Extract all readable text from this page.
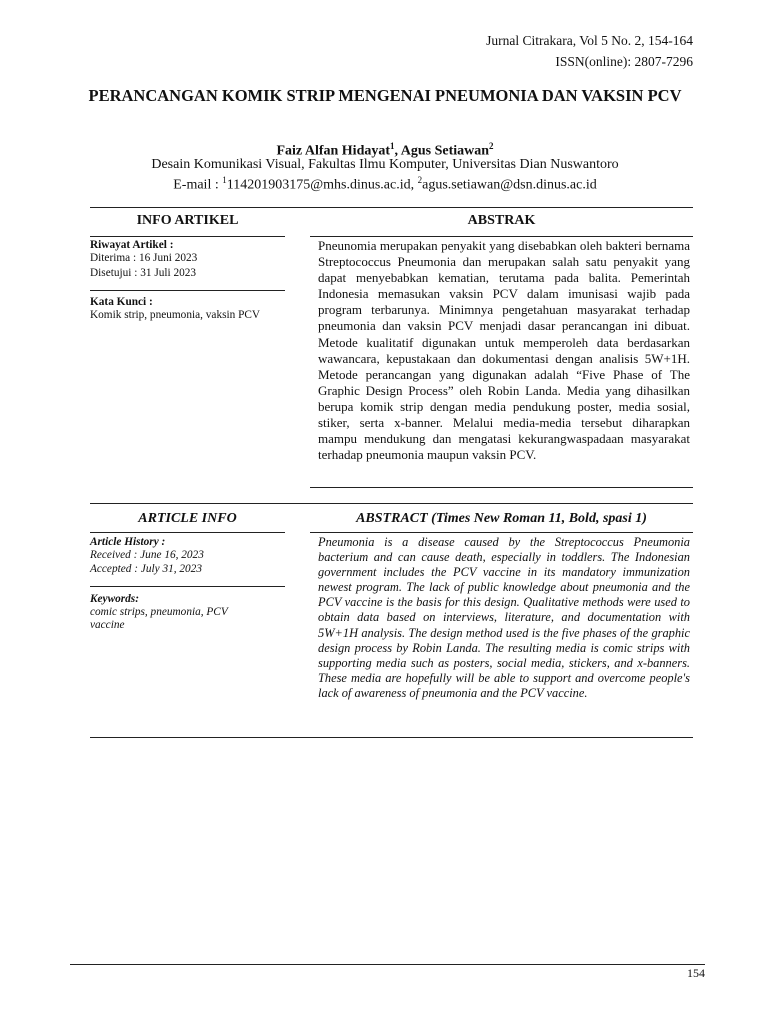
Jurnal Citrakara, Vol 5 No. 2, 154-164
ISSN(online): 2807-7296
PERANCANGAN KOMIK STRIP MENGENAI PNEUMONIA DAN VAKSIN PCV
Faiz Alfan Hidayat$^1$, Agus Setiawan$^2$
Desain Komunikasi Visual, Fakultas Ilmu Komputer, Universitas Dian Nuswantoro
E-mail : $^1$114201903175@mhs.dinus.ac.id, $^2$agus.setiawan@dsn.dinus.ac.id
INFO ARTIKEL	ABSTRAK
Riwayat Artikel :
Diterima : 16 Juni 2023
Disetujui : 31 Juli 2023
Kata Kunci :
Komik strip, pneumonia, vaksin PCV
Pneunomia merupakan penyakit yang disebabkan oleh bakteri bernama Streptococcus Pneumonia dan merupakan salah satu penyakit yang dapat menyebabkan kematian, terutama pada balita. Pemerintah Indonesia memasukan vaksin PCV dalam imunisasi wajib pada program terbarunya. Minimnya pengetahuan masyarakat terhadap pneumonia dan vaksin PCV menjadi dasar perancangan ini dibuat. Metode kualitatif digunakan untuk memperoleh data berdasarkan wawancara, kepustakaan dan dokumentasi dengan analisis 5W+1H. Metode perancangan yang digunakan adalah “Five Phase of The Graphic Design Process” oleh Robin Landa. Media yang dihasilkan berupa komik strip dengan media pendukung poster, media sosial, stiker, serta x-banner. Melalui media-media tersebut diharapkan mampu mendukung dan mengatasi kekurangwaspadaan masyarakat terhadap pneumonia maupun vaksin PCV.
ARTICLE INFO	ABSTRACT (Times New Roman 11, Bold, spasi 1)
Article History :
Received : June 16, 2023
Accepted : July 31, 2023
Keywords:
comic strips, pneumonia, PCV vaccine
Pneumonia is a disease caused by the Streptococcus Pneumonia bacterium and can cause death, especially in toddlers. The Indonesian government includes the PCV vaccine in its mandatory immunization newest program. The lack of public knowledge about pneumonia and the PCV vaccine is the basis for this design. Qualitative methods were used to obtain data based on interviews, literature, and documentation with 5W+1H analysis. The design method used is the five phases of the graphic design process by Robin Landa. The resulting media is comic strips with supporting media such as posters, social media, stickers, and x-banners. These media are hopefully will be able to support and overcome people's lack of awareness of pneumonia and the PCV vaccine.
154
